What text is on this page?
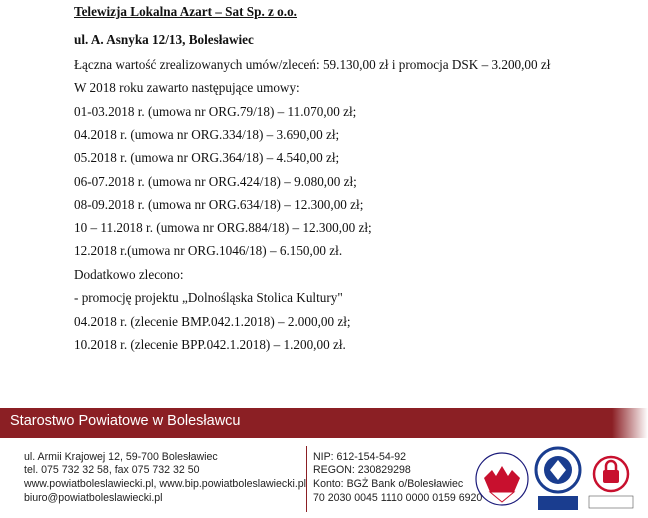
Telewizja Lokalna Azart – Sat Sp. z o.o.
ul. A. Asnyka 12/13, Bolesławiec
Łączna wartość zrealizowanych umów/zleceń: 59.130,00 zł i promocja DSK – 3.200,00 zł
W 2018 roku zawarto następujące umowy:
01-03.2018 r. (umowa nr ORG.79/18) – 11.070,00 zł;
04.2018 r. (umowa nr ORG.334/18) – 3.690,00 zł;
05.2018 r. (umowa nr ORG.364/18) – 4.540,00 zł;
06-07.2018 r. (umowa nr ORG.424/18) – 9.080,00 zł;
08-09.2018 r. (umowa nr ORG.634/18) – 12.300,00 zł;
10 – 11.2018 r. (umowa nr ORG.884/18) – 12.300,00 zł;
12.2018 r.(umowa nr ORG.1046/18) – 6.150,00 zł.
Dodatkowo zlecono:
- promocję projektu „Dolnośląska Stolica Kultury"
04.2018 r. (zlecenie BMP.042.1.2018) – 2.000,00 zł;
10.2018 r. (zlecenie BPP.042.1.2018) – 1.200,00 zł.
Starostwo Powiatowe w Bolesławcu
ul. Armii Krajowej 12, 59-700 Bolesławiec
tel. 075 732 32 58, fax 075 732 32 50
www.powiatboleslawiecki.pl, www.bip.powiatboleslawiecki.pl
biuro@powiatboleslawiecki.pl
NIP: 612-154-54-92
REGON: 230829298
Konto: BGŻ Bank o/Bolesławiec
70 2030 0045 1110 0000 0159 6920
